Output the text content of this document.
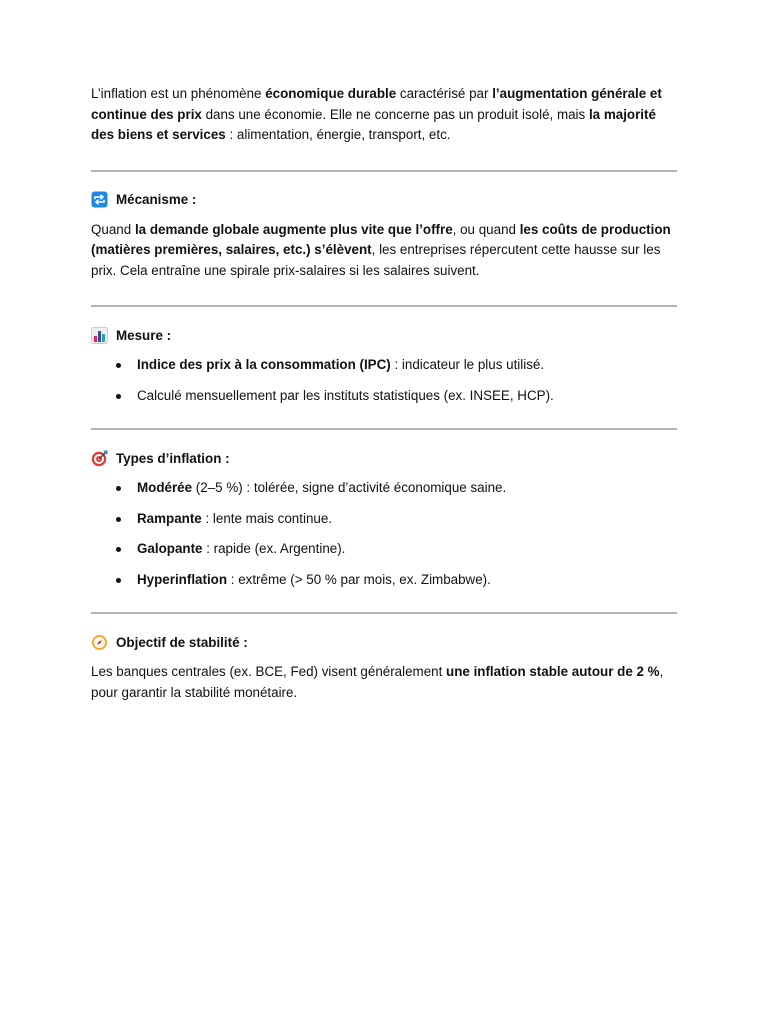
L’inflation est un phénomène économique durable caractérisé par l’augmentation générale et continue des prix dans une économie. Elle ne concerne pas un produit isolé, mais la majorité des biens et services : alimentation, énergie, transport, etc.

Mécanisme :

Quand la demande globale augmente plus vite que l’offre, ou quand les coûts de production (matières premières, salaires, etc.) s’élèvent, les entreprises répercutent cette hausse sur les prix. Cela entraîne une spirale prix-salaires si les salaires suivent.

Mesure :
Indice des prix à la consommation (IPC) : indicateur le plus utilisé.
Calculé mensuellement par les instituts statistiques (ex. INSEE, HCP).
Types d’inflation :
Modérée (2–5 %) : tolérée, signe d’activité économique saine.
Rampante : lente mais continue.
Galopante : rapide (ex. Argentine).
Hyperinflation : extrême (> 50 % par mois, ex. Zimbabwe).
Objectif de stabilité :

Les banques centrales (ex. BCE, Fed) visent généralement une inflation stable autour de 2 %, pour garantir la stabilité monétaire.
